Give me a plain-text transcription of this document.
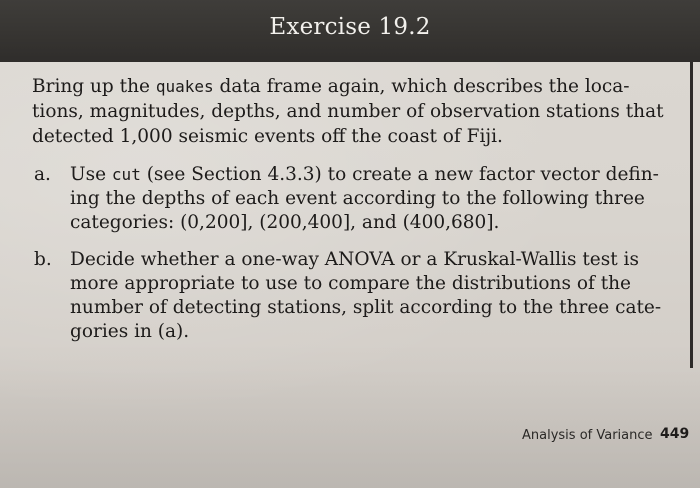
Exercise 19.2
Bring up the quakes data frame again, which describes the loca-
tions, magnitudes, depths, and number of observation stations that
detected 1,000 seismic events off the coast of Fiji.
a.	Use cut (see Section 4.3.3) to create a new factor vector defin-
ing the depths of each event according to the following three
categories: (0,200], (200,400], and (400,680].
b. Decide whether a one-way ANOVA or a Kruskal-Wallis test is
more appropriate to use to compare the distributions of the
number of detecting stations, split according to the three cate-
gories in (a).
Analysis of Variance 449
